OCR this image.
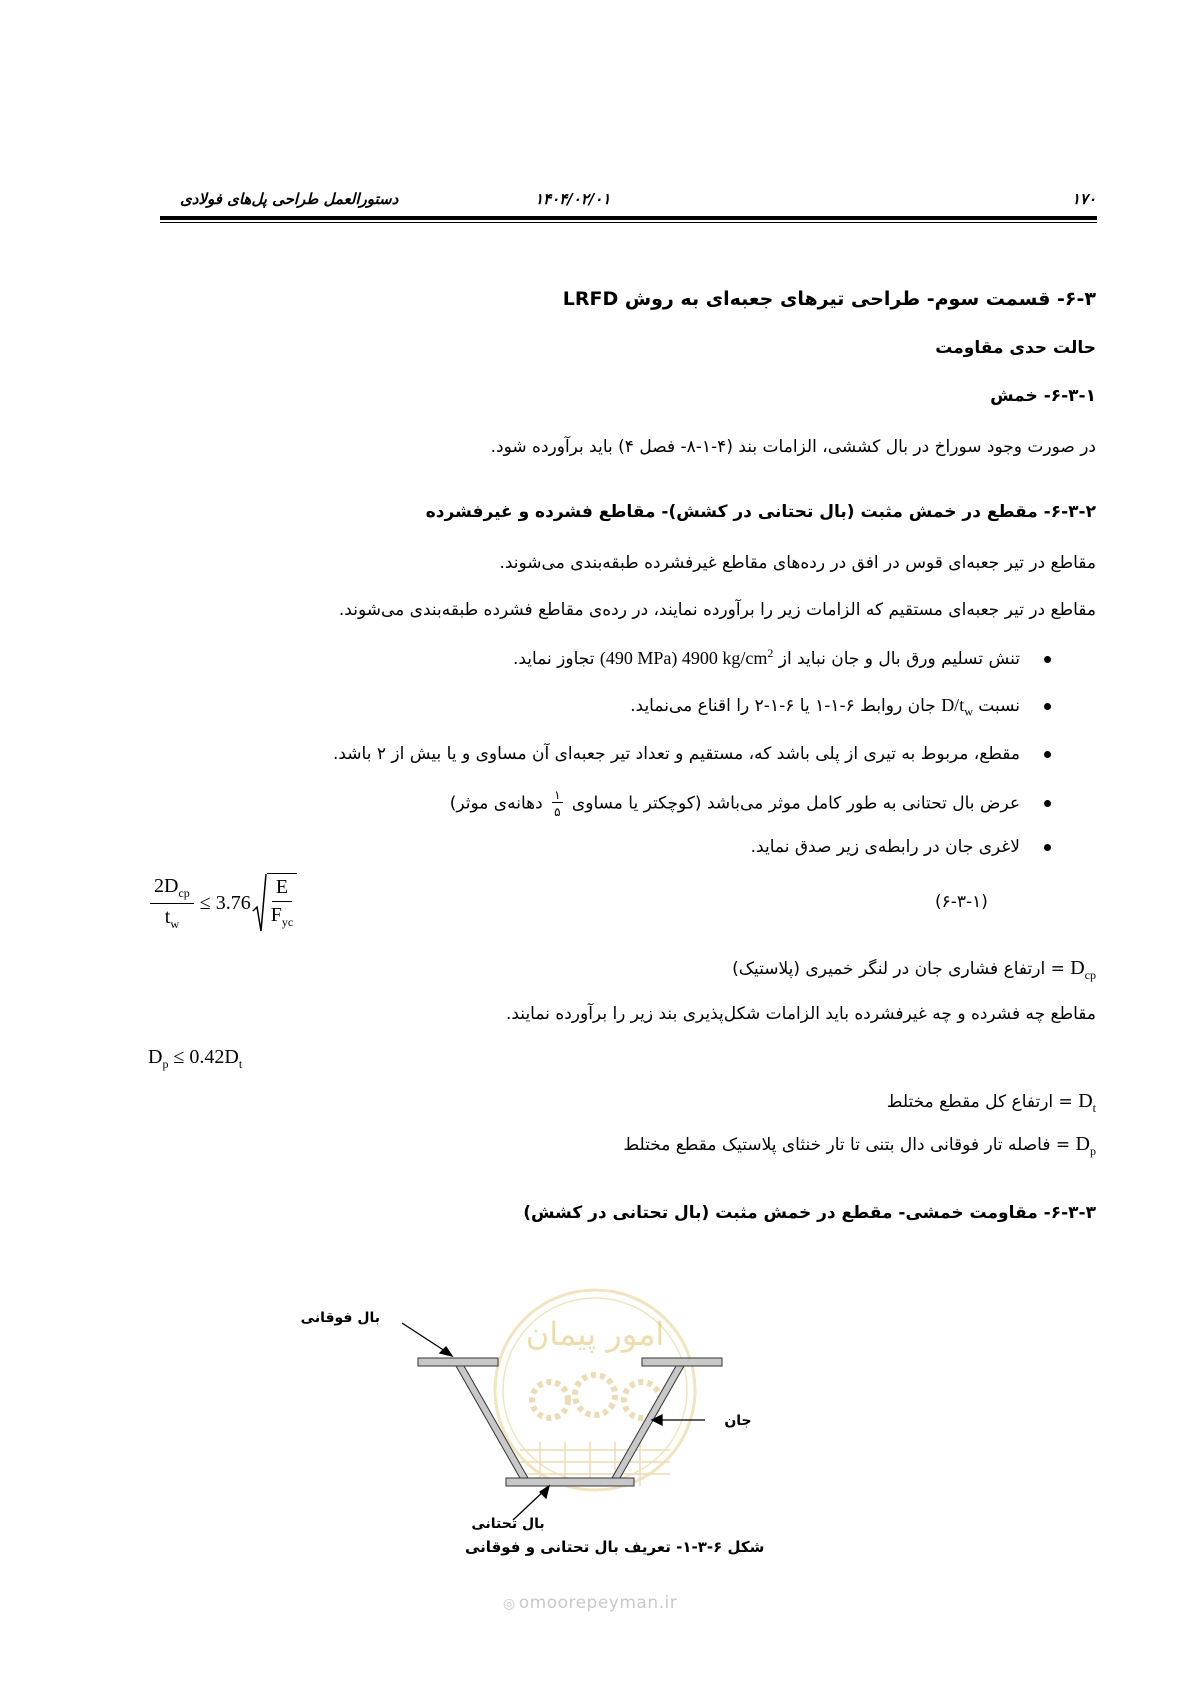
۱۷۰
۱۴۰۴/۰۲/۰۱
دستورالعمل طراحی پل‌های فولادی
۶-۳- قسمت سوم- طراحی تیرهای جعبه‌ای به روش LRFD
حالت حدی مقاومت
۶-۳-۱- خمش
در صورت وجود سوراخ در بال کششی، الزامات بند (۴-۱-۸- فصل ۴) باید برآورده شود.
۶-۳-۲- مقطع در خمش مثبت (بال تحتانی در کشش)- مقاطع فشرده و غیرفشرده
مقاطع در تیر جعبه‌ای قوس در افق در رده‌های مقاطع غیرفشرده طبقه‌بندی می‌شوند.
مقاطع در تیر جعبه‌ای مستقیم که الزامات زیر را برآورده نمایند، در رده‌ی مقاطع فشرده طبقه‌بندی می‌شوند.
تنش تسلیم ورق بال و جان نباید از (490 MPa) 4900 $kg/cm^2$ تجاوز نماید.
نسبت $D/t_w$ جان روابط ۶-۱-۱ یا ۶-۱-۲ را اقناع می‌نماید.
مقطع، مربوط به تیری از پلی باشد که، مستقیم و تعداد تیر جعبه‌ای آن مساوی و یا بیش از ۲ باشد.
عرض بال تحتانی به طور کامل موثر می‌باشد (کوچکتر یا مساوی
$\frac{۱}{۵}$
دهانه‌ی موثر)
لاغری جان در رابطه‌ی زیر صدق نماید.
$\frac{2D_{cp}}{t_w} \le 3.76 \frac{E}{F_{yc}}$	(۶-۳-۱)
$D_{cp}$ = ارتفاع فشاری جان در لنگر خمیری (پلاستیک)
مقاطع چه فشرده و چه غیرفشرده باید الزامات شکل‌پذیری بند زیر را برآورده نمایند.
$D_p \le 0.42D_t$
$D_t$ = ارتفاع کل مقطع مختلط
$D_p$ = فاصله تار فوقانی دال بتنی تا تار خنثای پلاستیک مقطع مختلط
۶-۳-۳- مقاومت خمشی- مقطع در خمش مثبت (بال تحتانی در کشش)
امور پیمان
بال فوقانی
جان
بال تحتانی
شکل ۶-۳-۱- تعریف بال تحتانی و فوقانی
◎ omoorepeyman.ir
